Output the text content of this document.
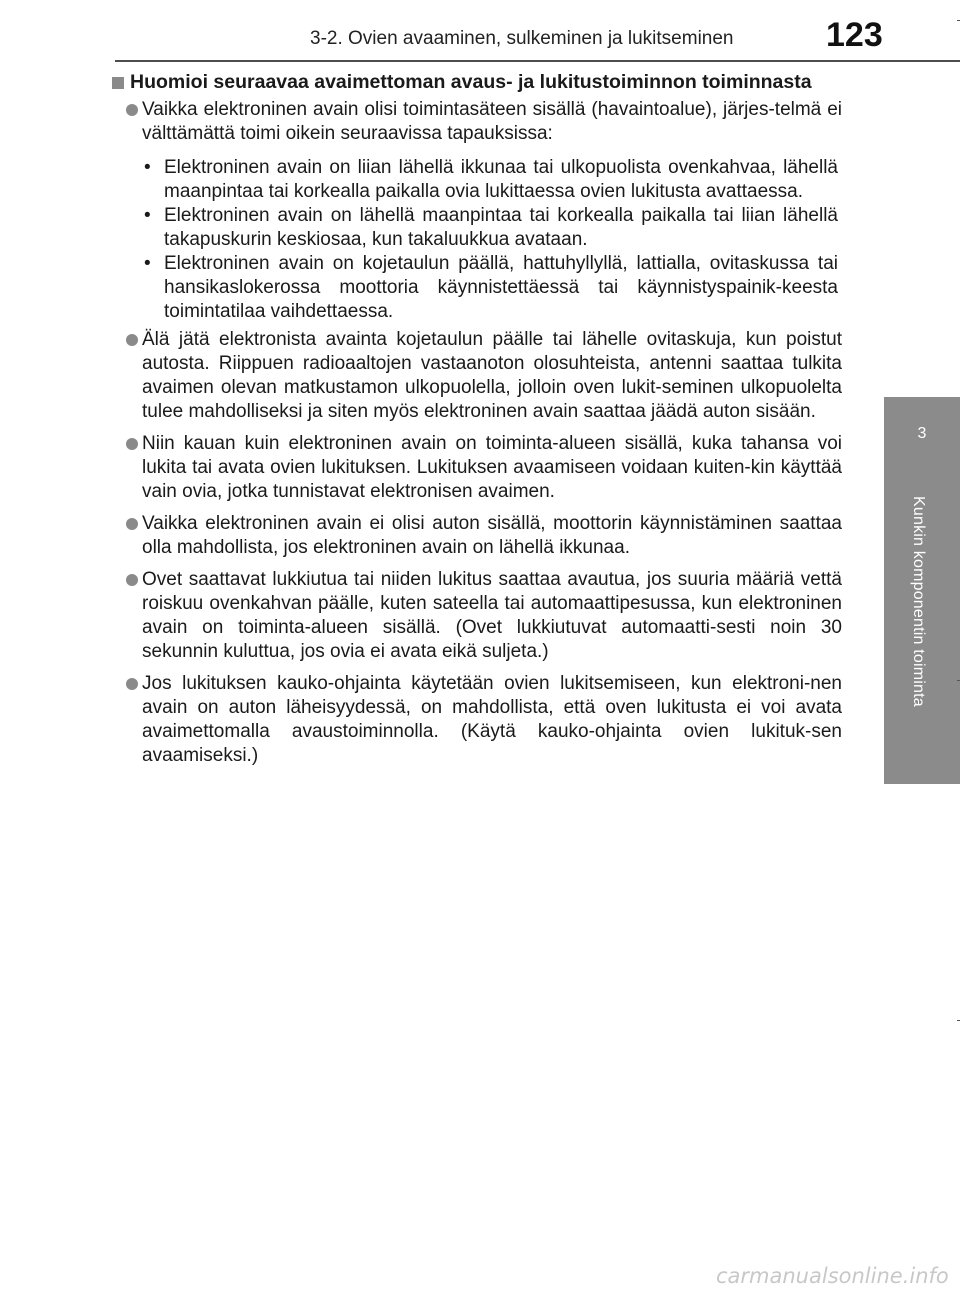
3-2. Ovien avaaminen, sulkeminen ja lukitseminen	123
3
Kunkin komponentin toiminta
Huomioi seuraavaa avaimettoman avaus- ja lukitustoiminnon toiminnasta
Vaikka elektroninen avain olisi toimintasäteen sisällä (havaintoalue), järjes-telmä ei välttämättä toimi oikein seuraavissa tapauksissa:
• Elektroninen avain on liian lähellä ikkunaa tai ulkopuolista ovenkahvaa, lähellä maanpintaa tai korkealla paikalla ovia lukittaessa ovien lukitusta avattaessa.
• Elektroninen avain on lähellä maanpintaa tai korkealla paikalla tai liian lähellä takapuskurin keskiosaa, kun takaluukkua avataan.
• Elektroninen avain on kojetaulun päällä, hattuhyllyllä, lattialla, ovitaskussa tai hansikaslokerossa moottoria käynnistettäessä tai käynnistyspainik-keesta toimintatilaa vaihdettaessa.
Älä jätä elektronista avainta kojetaulun päälle tai lähelle ovitaskuja, kun poistut autosta. Riippuen radioaaltojen vastaanoton olosuhteista, antenni saattaa tulkita avaimen olevan matkustamon ulkopuolella, jolloin oven lukit-seminen ulkopuolelta tulee mahdolliseksi ja siten myös elektroninen avain saattaa jäädä auton sisään.
Niin kauan kuin elektroninen avain on toiminta-alueen sisällä, kuka tahansa voi lukita tai avata ovien lukituksen. Lukituksen avaamiseen voidaan kuiten-kin käyttää vain ovia, jotka tunnistavat elektronisen avaimen.
Vaikka elektroninen avain ei olisi auton sisällä, moottorin käynnistäminen saattaa olla mahdollista, jos elektroninen avain on lähellä ikkunaa.
Ovet saattavat lukkiutua tai niiden lukitus saattaa avautua, jos suuria määriä vettä roiskuu ovenkahvan päälle, kuten sateella tai automaattipesussa, kun elektroninen avain on toiminta-alueen sisällä. (Ovet lukkiutuvat automaatti-sesti noin 30 sekunnin kuluttua, jos ovia ei avata eikä suljeta.)
Jos lukituksen kauko-ohjainta käytetään ovien lukitsemiseen, kun elektroni-nen avain on auton läheisyydessä, on mahdollista, että oven lukitusta ei voi avata avaimettomalla avaustoiminnolla. (Käytä kauko-ohjainta ovien lukituk-sen avaamiseksi.)
carmanualsonline.info
